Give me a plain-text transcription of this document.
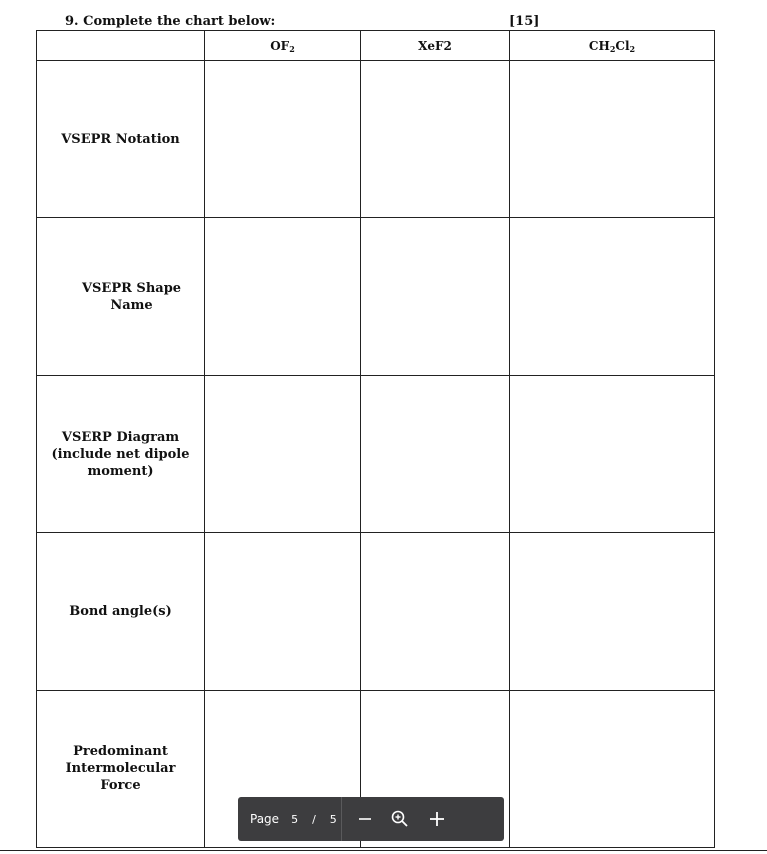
9. Complete the chart below:	[15]
	$OF_2$	XeF2	$CH_2Cl_2$
VSEPR Notation			
VSEPR Shape Name			
VSERP Diagram (include net dipole moment)			
Bond angle(s)			
Predominant Intermolecular Force			
Page 5 / 5
